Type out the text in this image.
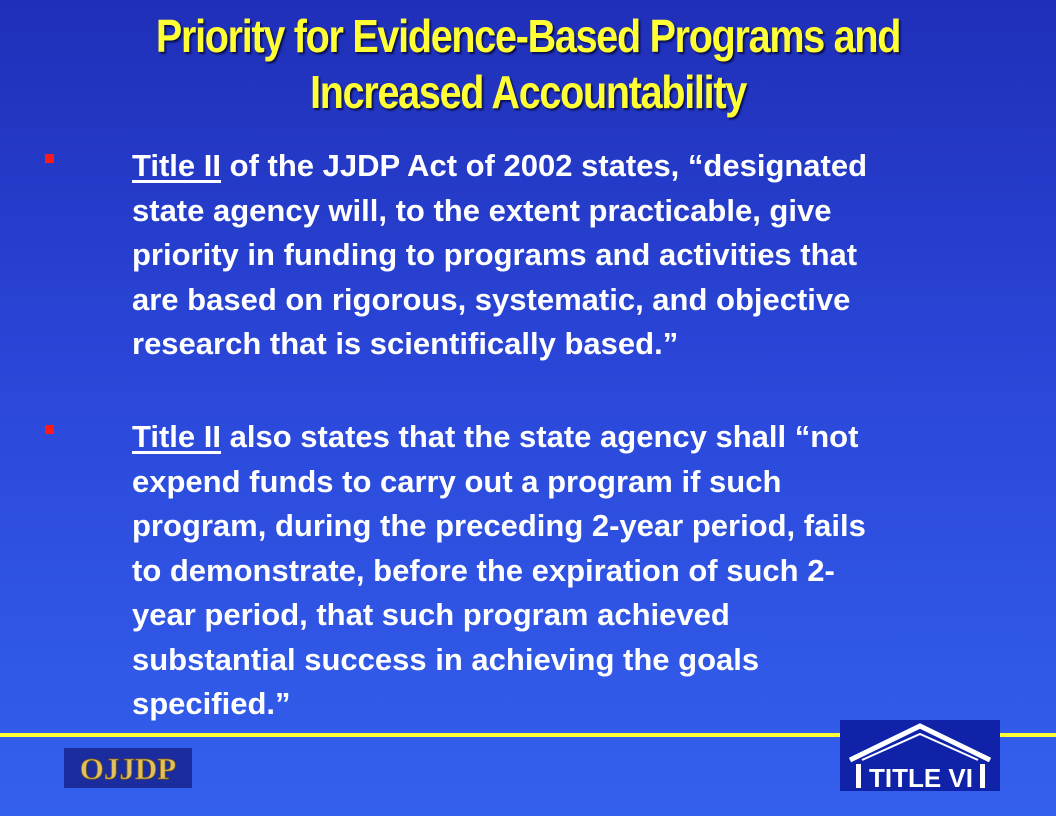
Priority for Evidence-Based Programs and
Increased Accountability
Title II of the JJDP Act of 2002 states, “designated
state agency will, to the extent practicable, give
priority in funding to programs and activities that
are based on rigorous, systematic, and objective
research that is scientifically based.”
Title II also states that the state agency shall “not
expend funds to carry out a program if such
program, during the preceding 2-year period, fails
to demonstrate, before the expiration of such 2-
year period, that such program achieved
substantial success in achieving the goals
specified.”
OJJDP	TITLE VI
